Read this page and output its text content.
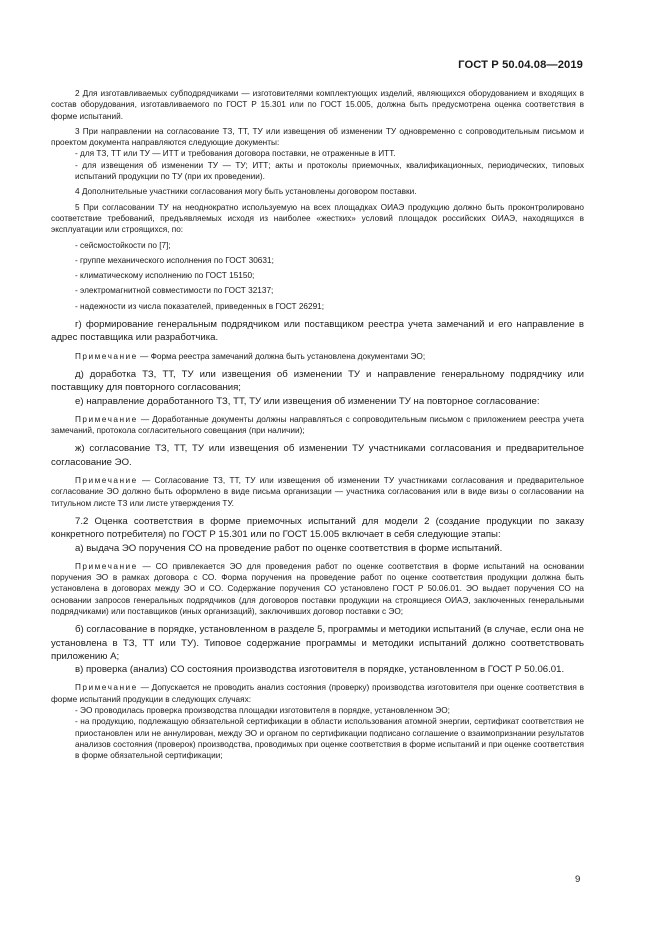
ГОСТ Р 50.04.08—2019
2 Для изготавливаемых субподрядчиками — изготовителями комплектующих изделий, являющихся оборудованием и входящих в состав оборудования, изготавливаемого по ГОСТ Р 15.301 или по ГОСТ 15.005, должна быть предусмотрена оценка соответствия в форме испытаний.
3 При направлении на согласование ТЗ, ТТ, ТУ или извещения об изменении ТУ одновременно с сопроводительным письмом и проектом документа направляются следующие документы:
- для ТЗ, ТТ или ТУ — ИТТ и требования договора поставки, не отраженные в ИТТ.
- для извещения об изменении ТУ — ТУ; ИТТ; акты и протоколы приемочных, квалификационных, периодических, типовых испытаний продукции по ТУ (при их проведении).
4 Дополнительные участники согласования могу быть установлены договором поставки.
5 При согласовании ТУ на неоднократно используемую на всех площадках ОИАЭ продукцию должно быть проконтролировано соответствие требований, предъявляемых исходя из наиболее «жестких» условий площадок российских ОИАЭ, находящихся в эксплуатации или строящихся, по:
- сейсмостойкости по [7];
- группе механического исполнения по ГОСТ 30631;
- климатическому исполнению по ГОСТ 15150;
- электромагнитной совместимости по ГОСТ 32137;
- надежности из числа показателей, приведенных в ГОСТ 26291;
г) формирование генеральным подрядчиком или поставщиком реестра учета замечаний и его направление в адрес поставщика или разработчика.
Примечание — Форма реестра замечаний должна быть установлена документами ЭО;
д) доработка ТЗ, ТТ, ТУ или извещения об изменении ТУ и направление генеральному подрядчику или поставщику для повторного согласования;
е) направление доработанного ТЗ, ТТ, ТУ или извещения об изменении ТУ на повторное согласование:
Примечание — Доработанные документы должны направляться с сопроводительным письмом с приложением реестра учета замечаний, протокола согласительного совещания (при наличии);
ж) согласование ТЗ, ТТ, ТУ или извещения об изменении ТУ участниками согласования и предварительное согласование ЭО.
Примечание — Согласование ТЗ, ТТ, ТУ или извещения об изменении ТУ участниками согласования и предварительное согласование ЭО должно быть оформлено в виде письма организации — участника согласования или в виде визы о согласовании на титульном листе ТЗ или листе утверждения ТУ.
7.2 Оценка соответствия в форме приемочных испытаний для модели 2 (создание продукции по заказу конкретного потребителя) по ГОСТ Р 15.301 или по ГОСТ 15.005 включает в себя следующие этапы:
а) выдача ЭО поручения СО на проведение работ по оценке соответствия в форме испытаний.
Примечание — СО привлекается ЭО для проведения работ по оценке соответствия в форме испытаний на основании поручения ЭО в рамках договора с СО. Форма поручения на проведение работ по оценке соответствия продукции должна быть установлена в договорах между ЭО и СО. Содержание поручения СО установлено ГОСТ Р 50.06.01. ЭО выдает поручения СО на основании запросов генеральных подрядчиков (для договоров поставки продукции на строящиеся ОИАЭ, заключенных генеральными подрядчиками) или поставщиков (иных организаций), заключивших договор поставки с ЭО;
б) согласование в порядке, установленном в разделе 5, программы и методики испытаний (в случае, если она не установлена в ТЗ, ТТ или ТУ). Типовое содержание программы и методики испытаний должно соответствовать приложению А;
в) проверка (анализ) СО состояния производства изготовителя в порядке, установленном в ГОСТ Р 50.06.01.
Примечание — Допускается не проводить анализ состояния (проверку) производства изготовителя при оценке соответствия в форме испытаний продукции в следующих случаях:
- ЭО проводилась проверка производства площадки изготовителя в порядке, установленном ЭО;
- на продукцию, подлежащую обязательной сертификации в области использования атомной энергии, сертификат соответствия не приостановлен или не аннулирован, между ЭО и органом по сертификации подписано соглашение о взаимопризнании результатов анализов состояния (проверок) производства, проводимых при оценке соответствия в форме испытаний и при оценке соответствия в форме обязательной сертификации;
9
